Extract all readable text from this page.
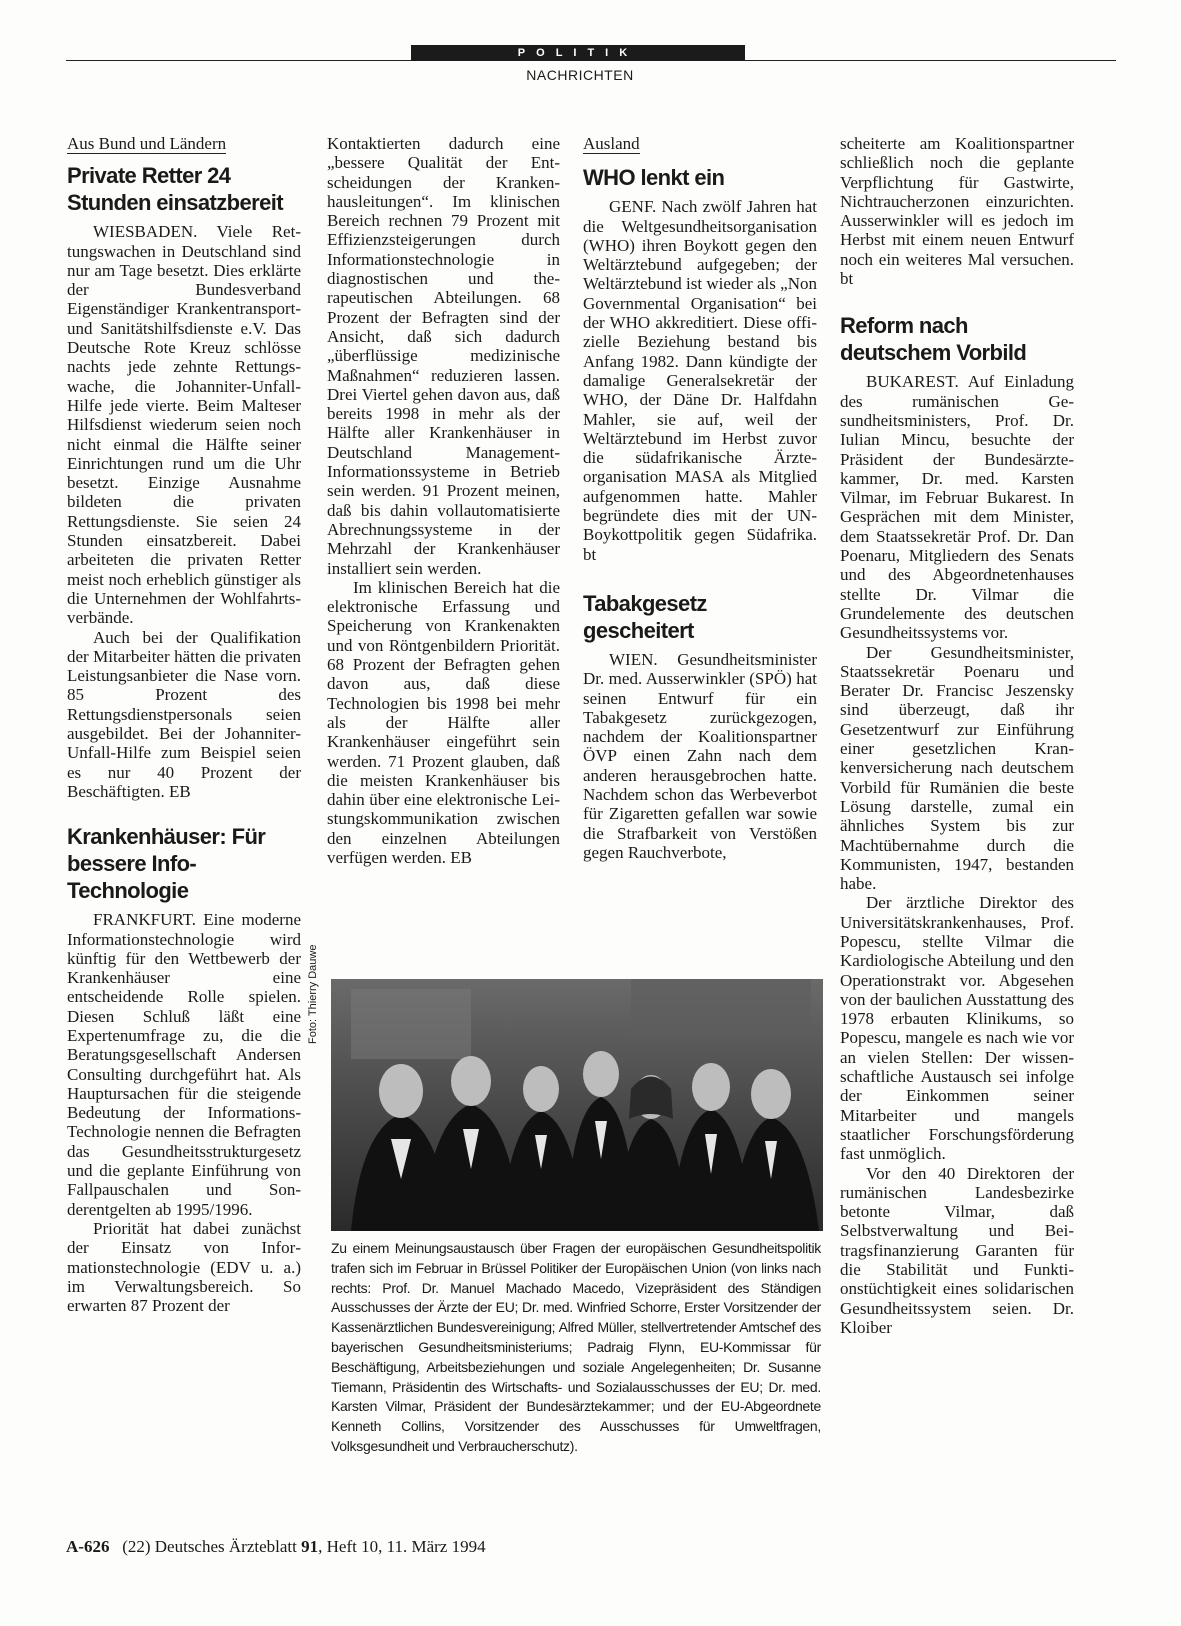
POLITIK
NACHRICHTEN
Aus Bund und Ländern
Private Retter 24 Stunden einsatzbereit

WIESBADEN. Viele Rettungswachen in Deutschland sind nur am Tage besetzt. Dies erklärte der Bundesverband Eigenständiger Krankentransport- und Sanitätshilfsdienste e.V. Das Deutsche Rote Kreuz schlösse nachts jede zehnte Rettungswache, die Johanniter-Unfall-Hilfe jede vierte. Beim Malteser Hilfsdienst wiederum seien noch nicht einmal die Hälfte seiner Einrichtungen rund um die Uhr besetzt. Einzige Ausnahme bildeten die privaten Rettungsdienste. Sie seien 24 Stunden einsatzbereit. Dabei arbeiteten die privaten Retter meist noch erheblich günstiger als die Unternehmen der Wohlfahrtsverbände.

Auch bei der Qualifikation der Mitarbeiter hätten die privaten Leistungsanbieter die Nase vorn. 85 Prozent des Rettungsdienstpersonals seien ausgebildet. Bei der Johanniter-Unfall-Hilfe zum Beispiel seien es nur 40 Prozent der Beschäftigten. EB

Krankenhäuser: Für bessere Info-Technologie

FRANKFURT. Eine moderne Informationstechnologie wird künftig für den Wettbewerb der Krankenhäuser eine entscheidende Rolle spielen. Diesen Schluß läßt eine Expertenumfrage zu, die die Beratungsgesellschaft Andersen Consulting durchgeführt hat. Als Hauptursachen für die steigende Bedeutung der Informations-Technologie nennen die Befragten das Gesundheitsstrukturgesetz und die geplante Einführung von Fallpauschalen und Sonderentgelten ab 1995/1996.

Priorität hat dabei zunächst der Einsatz von Informationstechnologie (EDV u. a.) im Verwaltungsbereich. So erwarten 87 Prozent der

Kontaktierten dadurch eine „bessere Qualität der Entscheidungen der Krankenhausleitungen“. Im klinischen Bereich rechnen 79 Prozent mit Effizienzsteigerungen durch Informationstechnologie in diagnostischen und therapeutischen Abteilungen. 68 Prozent der Befragten sind der Ansicht, daß sich dadurch „überflüssige medizinische Maßnahmen“ reduzieren lassen. Drei Viertel gehen davon aus, daß bereits 1998 in mehr als der Hälfte aller Krankenhäuser in Deutschland Management-Informationssysteme in Betrieb sein werden. 91 Prozent meinen, daß bis dahin vollautomatisierte Abrechnungssysteme in der Mehrzahl der Krankenhäuser installiert sein werden.

Im klinischen Bereich hat die elektronische Erfassung und Speicherung von Krankenakten und von Röntgenbildern Priorität. 68 Prozent der Befragten gehen davon aus, daß diese Technologien bis 1998 bei mehr als der Hälfte aller Krankenhäuser eingeführt sein werden. 71 Prozent glauben, daß die meisten Krankenhäuser bis dahin über eine elektronische Leistungskommunikation zwischen den einzelnen Abteilungen verfügen werden. EB

Ausland
WHO lenkt ein

GENF. Nach zwölf Jahren hat die Weltgesundheitsorganisation (WHO) ihren Boykott gegen den Weltärztebund aufgegeben; der Weltärztebund ist wieder als „Non Governmental Organisation“ bei der WHO akkreditiert. Diese offizielle Beziehung bestand bis Anfang 1982. Dann kündigte der damalige Generalsekretär der WHO, der Däne Dr. Halfdahn Mahler, sie auf, weil der Weltärztebund im Herbst zuvor die südafrikanische Ärzteorganisation MASA als Mitglied aufgenommen hatte. Mahler begründete dies mit der UN-Boykottpolitik gegen Südafrika. bt

Tabakgesetz gescheitert

WIEN. Gesundheitsminister Dr. med. Ausserwinkler (SPÖ) hat seinen Entwurf für ein Tabakgesetz zurückgezogen, nachdem der Koalitionspartner ÖVP einen Zahn nach dem anderen herausgebrochen hatte. Nachdem schon das Werbeverbot für Zigaretten gefallen war sowie die Strafbarkeit von Verstößen gegen Rauchverbote,

scheiterte am Koalitionspartner schließlich noch die geplante Verpflichtung für Gastwirte, Nichtraucherzonen einzurichten. Ausserwinkler will es jedoch im Herbst mit einem neuen Entwurf noch ein weiteres Mal versuchen. bt

Reform nach deutschem Vorbild

BUKAREST. Auf Einladung des rumänischen Gesundheitsministers, Prof. Dr. Iulian Mincu, besuchte der Präsident der Bundesärztekammer, Dr. med. Karsten Vilmar, im Februar Bukarest. In Gesprächen mit dem Minister, dem Staatssekretär Prof. Dr. Dan Poenaru, Mitgliedern des Senats und des Abgeordnetenhauses stellte Dr. Vilmar die Grundelemente des deutschen Gesundheitssystems vor.

Der Gesundheitsminister, Staatssekretär Poenaru und Berater Dr. Francisc Jeszensky sind überzeugt, daß ihr Gesetzentwurf zur Einführung einer gesetzlichen Krankenversicherung nach deutschem Vorbild für Rumänien die beste Lösung darstelle, zumal ein ähnliches System bis zur Machtübernahme durch die Kommunisten, 1947, bestanden habe.

Der ärztliche Direktor des Universitätskrankenhauses, Prof. Popescu, stellte Vilmar die Kardiologische Abteilung und den Operationstrakt vor. Abgesehen von der baulichen Ausstattung des 1978 erbauten Klinikums, so Popescu, mangele es nach wie vor an vielen Stellen: Der wissenschaftliche Austausch sei infolge der Einkommen seiner Mitarbeiter und mangels staatlicher Forschungsförderung fast unmöglich.

Vor den 40 Direktoren der rumänischen Landesbezirke betonte Vilmar, daß Selbstverwaltung und Beitragsfinanzierung Garanten für die Stabilität und Funktionstüchtigkeit eines solidarischen Gesundheitssystem seien. Dr. Kloiber

Foto: Thierry Dauwe
Zu einem Meinungsaustausch über Fragen der europäischen Gesundheitspolitik trafen sich im Februar in Brüssel Politiker der Europäischen Union (von links nach rechts: Prof. Dr. Manuel Machado Macedo, Vizepräsident des Ständigen Ausschusses der Ärzte der EU; Dr. med. Winfried Schorre, Erster Vorsitzender der Kassenärztlichen Bundesvereinigung; Alfred Müller, stellvertretender Amtschef des bayerischen Gesundheitsministeriums; Padraig Flynn, EU-Kommissar für Beschäftigung, Arbeitsbeziehungen und soziale Angelegenheiten; Dr. Susanne Tiemann, Präsidentin des Wirtschafts- und Sozialausschusses der EU; Dr. med. Karsten Vilmar, Präsident der Bundesärztekammer; und der EU-Abgeordnete Kenneth Collins, Vorsitzender des Ausschusses für Umweltfragen, Volksgesundheit und Verbraucherschutz).
A-626 (22) Deutsches Ärzteblatt 91, Heft 10, 11. März 1994
